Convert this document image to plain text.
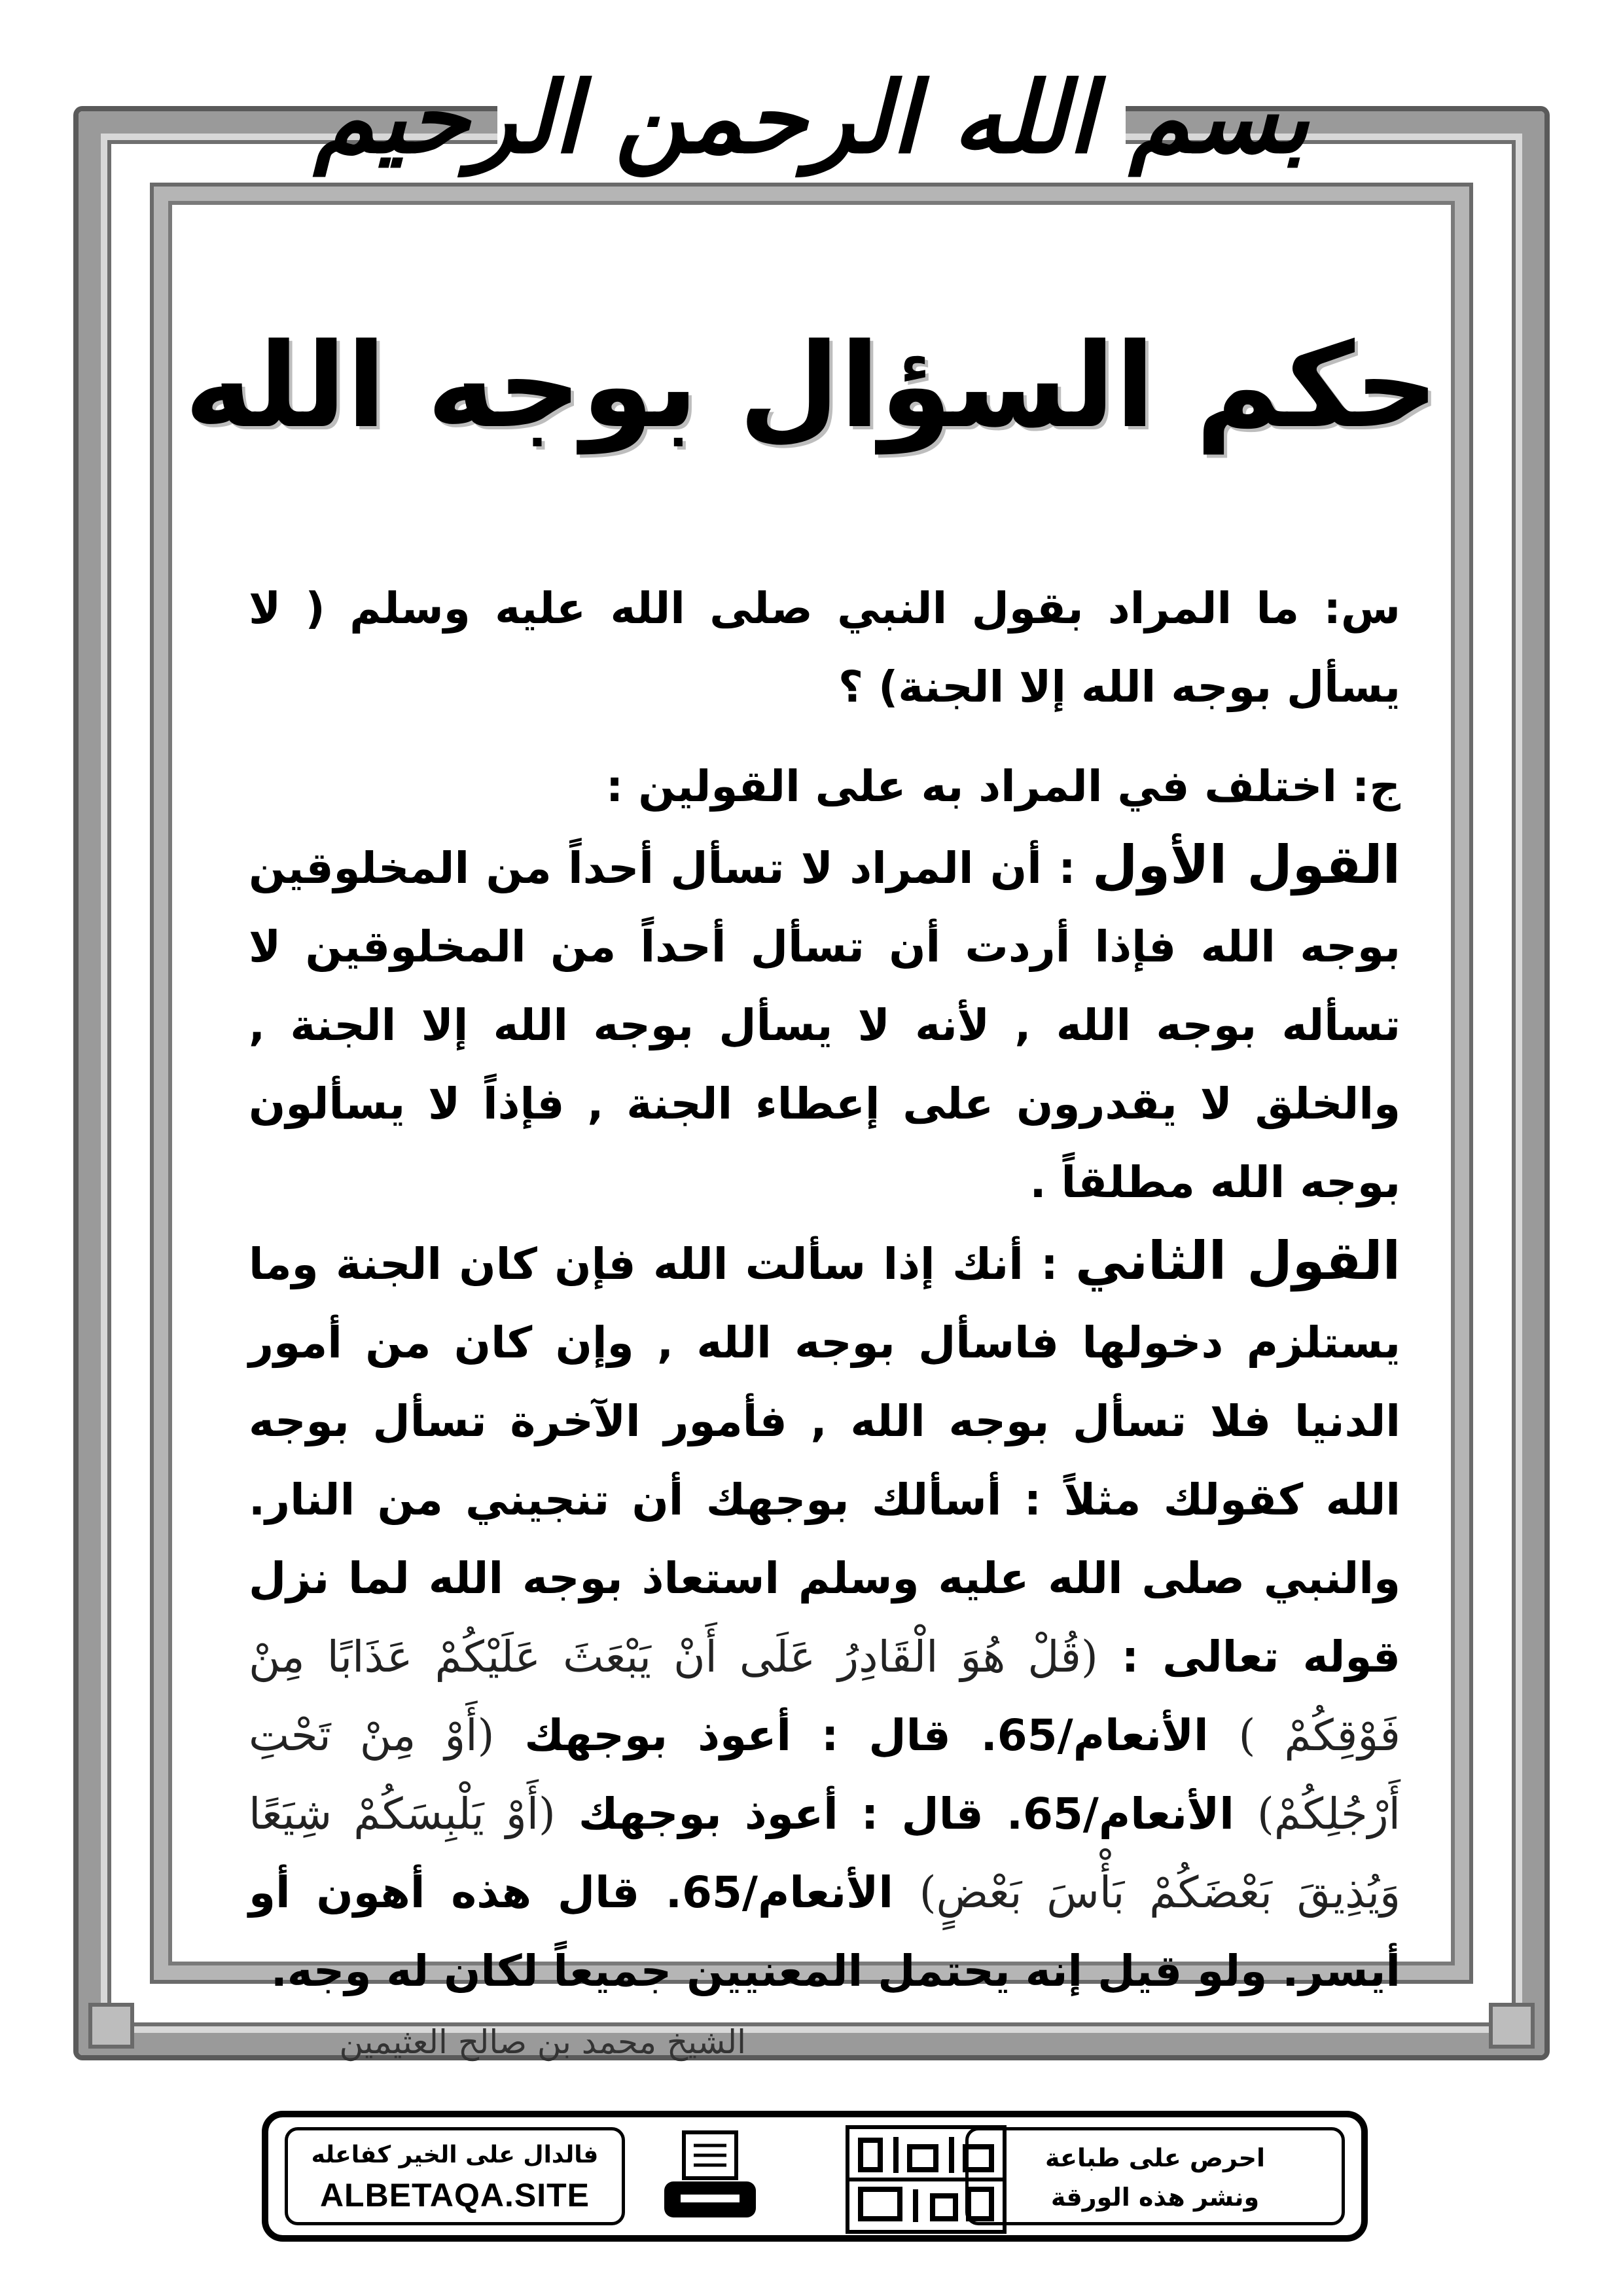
بسم الله الرحمن الرحيم
حكم السؤال بوجه الله

س: ما المراد بقول النبي صلى الله عليه وسلم ( لا يسأل بوجه الله إلا الجنة) ؟

ج: اختلف في المراد به على القولين :

القول الأول : أن المراد لا تسأل أحداً من المخلوقين بوجه الله فإذا أردت أن تسأل أحداً من المخلوقين لا تسأله بوجه الله , لأنه لا يسأل بوجه الله إلا الجنة , والخلق لا يقدرون على إعطاء الجنة , فإذاً لا يسألون بوجه الله مطلقاً .

القول الثاني : أنك إذا سألت الله فإن كان الجنة وما يستلزم دخولها فاسأل بوجه الله , وإن كان من أمور الدنيا فلا تسأل بوجه الله , فأمور الآخرة تسأل بوجه الله كقولك مثلاً : أسألك بوجهك أن تنجيني من النار. والنبي صلى الله عليه وسلم استعاذ بوجه الله لما نزل قوله تعالى : (قُلْ هُوَ الْقَادِرُ عَلَى أَنْ يَبْعَثَ عَلَيْكُمْ عَذَابًا مِنْ فَوْقِكُمْ ) الأنعام/65. قال : أعوذ بوجهك (أَوْ مِنْ تَحْتِ أَرْجُلِكُمْ) الأنعام/65. قال : أعوذ بوجهك (أَوْ يَلْبِسَكُمْ شِيَعًا وَيُذِيقَ بَعْضَكُمْ بَأْسَ بَعْضٍ) الأنعام/65. قال هذه أهون أو أيسر. ولو قيل إنه يحتمل المعنيين جميعاً لكان له وجه.

الشيخ محمد بن صالح العثيمين
فالدال على الخير كفاعله
ALBETAQA.SITE
احرص على طباعة
ونشر هذه الورقة
